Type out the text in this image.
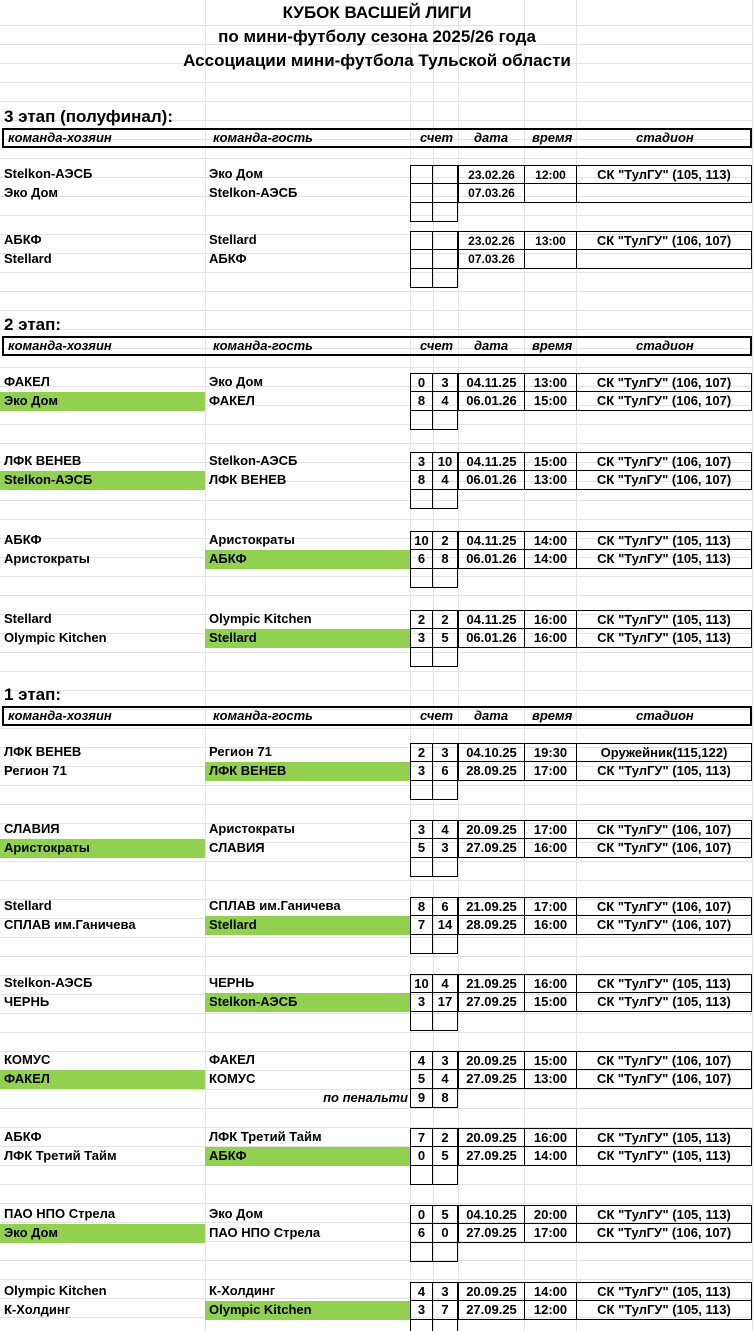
КУБОК ВАСШЕЙ ЛИГИ
по мини-футболу сезона 2025/26 года
Ассоциации мини-футбола Тульской области
3 этап (полуфинал):
команда-хозяин	команда-гость	счет дата время	стадион
Stelkon-АЭСБ	Эко Дом	23.02.26	12:00	СК "ТулГУ" (105, 113)
Эко Дом	Stelkon-АЭСБ	07.03.26
АБКФ	Stellard	23.02.26	13:00	СК "ТулГУ" (106, 107)
Stellard	АБКФ	07.03.26
2 этап:
команда-хозяин	команда-гость	счет дата время	стадион
ФАКЕЛ	Эко Дом	0	3	04.11.25	13:00	СК "ТулГУ" (106, 107)
Эко Дом	ФАКЕЛ	8	4	06.01.26	15:00	СК "ТулГУ" (106, 107)
ЛФК ВЕНЕВ	Stelkon-АЭСБ	3 10	04.11.25	15:00	СК "ТулГУ" (106, 107)
Stelkon-АЭСБ	ЛФК ВЕНЕВ	8	4	06.01.26	13:00	СК "ТулГУ" (106, 107)
АБКФ	Аристократы	10 2	04.11.25	14:00	СК "ТулГУ" (105, 113)
Аристократы	АБКФ	6	8	06.01.26	14:00	СК "ТулГУ" (105, 113)
Stellard	Olympic Kitchen	2	2	04.11.25	16:00	СК "ТулГУ" (105, 113)
Olympic Kitchen	Stellard	3	5	06.01.26	16:00	СК "ТулГУ" (105, 113)
1 этап:
команда-хозяин	команда-гость	счет дата время	стадион
ЛФК ВЕНЕВ	Регион 71	2	3	04.10.25	19:30	Оружейник(115,122)
Регион 71	ЛФК ВЕНЕВ	3	6	28.09.25	17:00	СК "ТулГУ" (105, 113)
СЛАВИЯ	Аристократы	3	4	20.09.25	17:00	СК "ТулГУ" (106, 107)
Аристократы	СЛАВИЯ	5	3	27.09.25	16:00	СК "ТулГУ" (106, 107)
Stellard	СПЛАВ им.Ганичева	8	6	21.09.25	17:00	СК "ТулГУ" (106, 107)
СПЛАВ им.Ганичева	Stellard	7 14	28.09.25	16:00	СК "ТулГУ" (106, 107)
Stelkon-АЭСБ	ЧЕРНЬ	10 4	21.09.25	16:00	СК "ТулГУ" (105, 113)
ЧЕРНЬ	Stelkon-АЭСБ	3 17	27.09.25	15:00	СК "ТулГУ" (105, 113)
КОМУС	ФАКЕЛ	4	3	20.09.25	15:00	СК "ТулГУ" (106, 107)
ФАКЕЛ	КОМУС	5	4	27.09.25	13:00	СК "ТулГУ" (106, 107)
по пенальти 9	8
АБКФ	ЛФК Третий Тайм	7	2	20.09.25	16:00	СК "ТулГУ" (105, 113)
ЛФК Третий Тайм	АБКФ	0	5	27.09.25	14:00	СК "ТулГУ" (105, 113)
ПАО НПО Стрела	Эко Дом	0	5	04.10.25	20:00	СК "ТулГУ" (105, 113)
Эко Дом	ПАО НПО Стрела	6	0	27.09.25	17:00	СК "ТулГУ" (106, 107)
Olympic Kitchen	К-Холдинг	4	3	20.09.25	14:00	СК "ТулГУ" (105, 113)
К-Холдинг	Olympic Kitchen	3	7	27.09.25	12:00	СК "ТулГУ" (105, 113)
